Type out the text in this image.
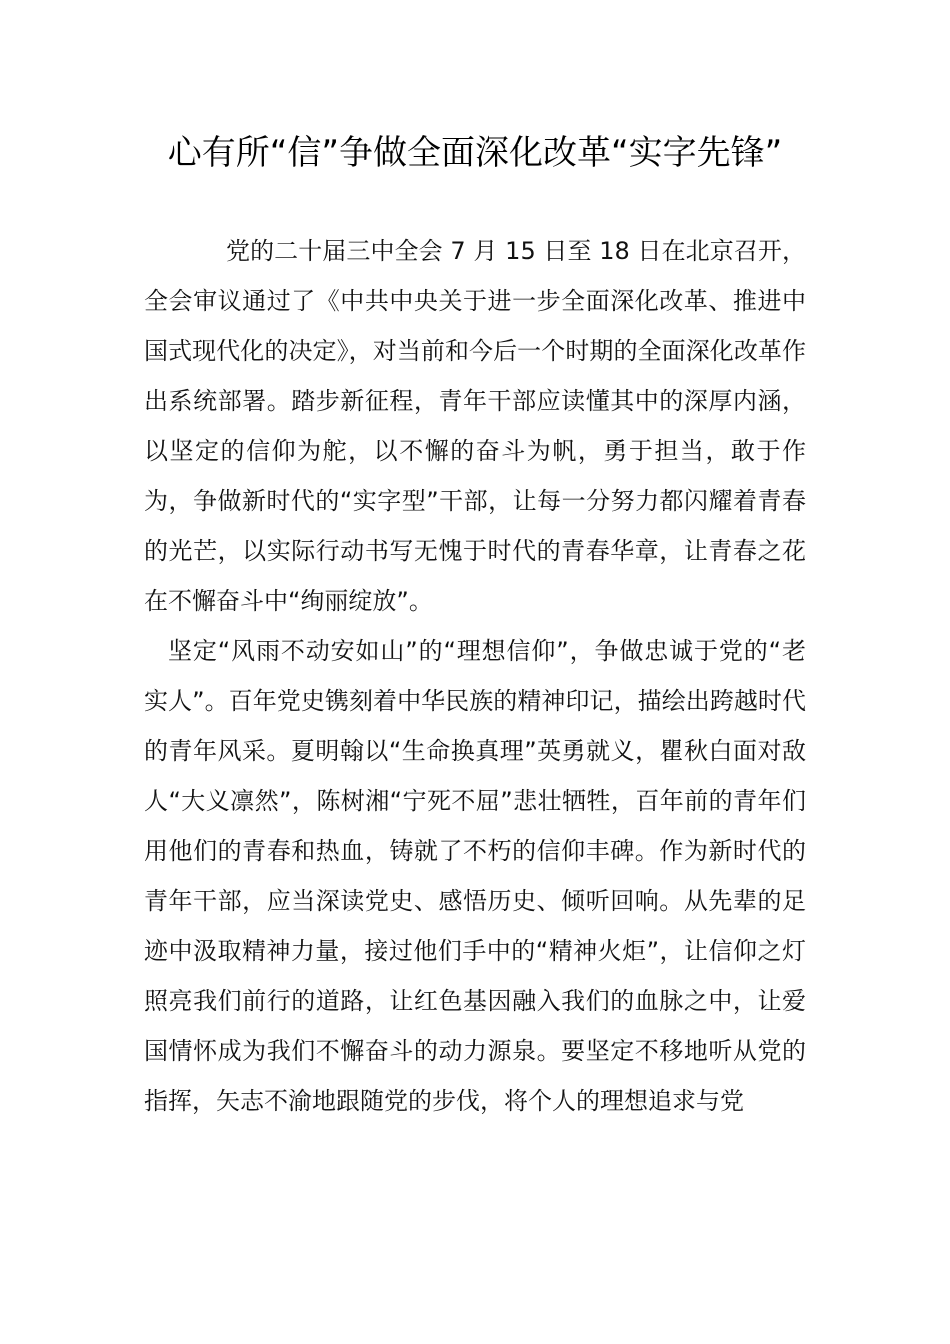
心有所“信”争做全面深化改革“实字先锋”

党的二十届三中全会 7 月 15 日至 18 日在北京召开，全会审议通过了《中共中央关于进一步全面深化改革、推进中国式现代化的决定》，对当前和今后一个时期的全面深化改革作出系统部署。踏步新征程，青年干部应读懂其中的深厚内涵，以坚定的信仰为舵，以不懈的奋斗为帆，勇于担当，敢于作为，争做新时代的“实字型”干部，让每一分努力都闪耀着青春的光芒，以实际行动书写无愧于时代的青春华章，让青春之花在不懈奋斗中“绚丽绽放”。

坚定“风雨不动安如山”的“理想信仰”，争做忠诚于党的“老实人”。百年党史镌刻着中华民族的精神印记，描绘出跨越时代的青年风采。夏明翰以“生命换真理”英勇就义，瞿秋白面对敌人“大义凛然”，陈树湘“宁死不屈”悲壮牺牲，百年前的青年们用他们的青春和热血，铸就了不朽的信仰丰碑。作为新时代的青年干部，应当深读党史、感悟历史、倾听回响。从先辈的足迹中汲取精神力量，接过他们手中的“精神火炬”，让信仰之灯照亮我们前行的道路，让红色基因融入我们的血脉之中，让爱国情怀成为我们不懈奋斗的动力源泉。要坚定不移地听从党的指挥，矢志不渝地跟随党的步伐，将个人的理想追求与党
